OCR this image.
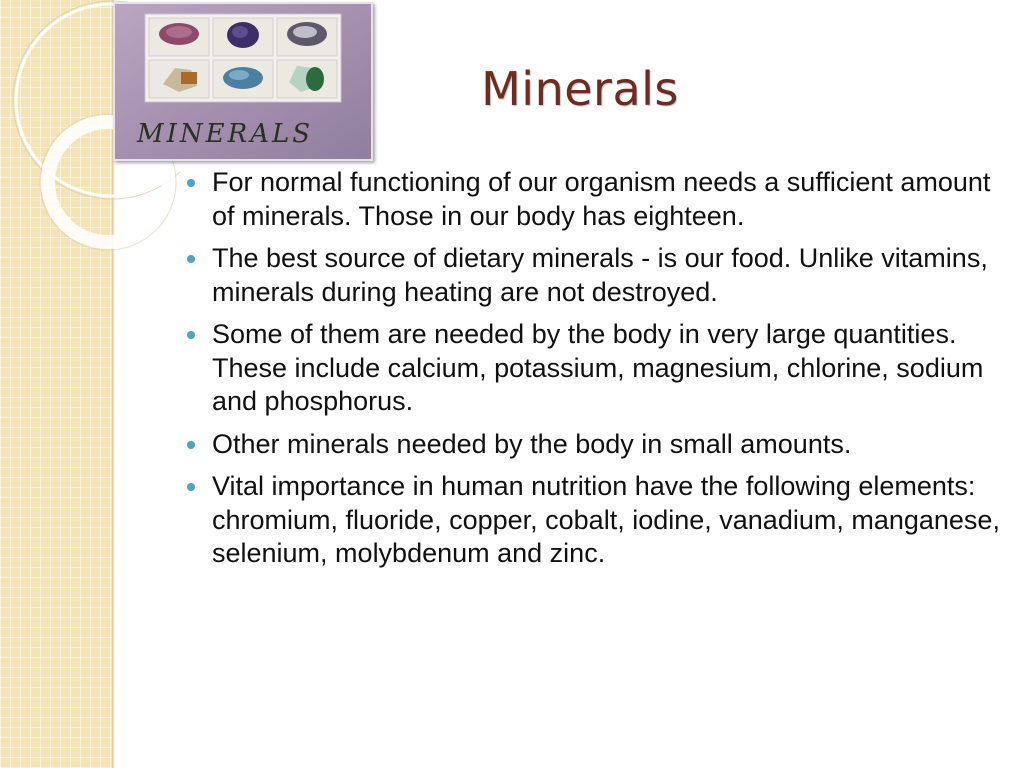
MINERALS
Minerals
For normal functioning of our organism needs a sufficient amount of minerals. Those in our body has eighteen.
The best source of dietary minerals - is our food. Unlike vitamins, minerals during heating are not destroyed.
Some of them are needed by the body in very large quantities. These include calcium, potassium, magnesium, chlorine, sodium and phosphorus.
Other minerals needed by the body in small amounts.
Vital importance in human nutrition have the following elements: chromium, fluoride, copper, cobalt, iodine, vanadium, manganese, selenium, molybdenum and zinc.
